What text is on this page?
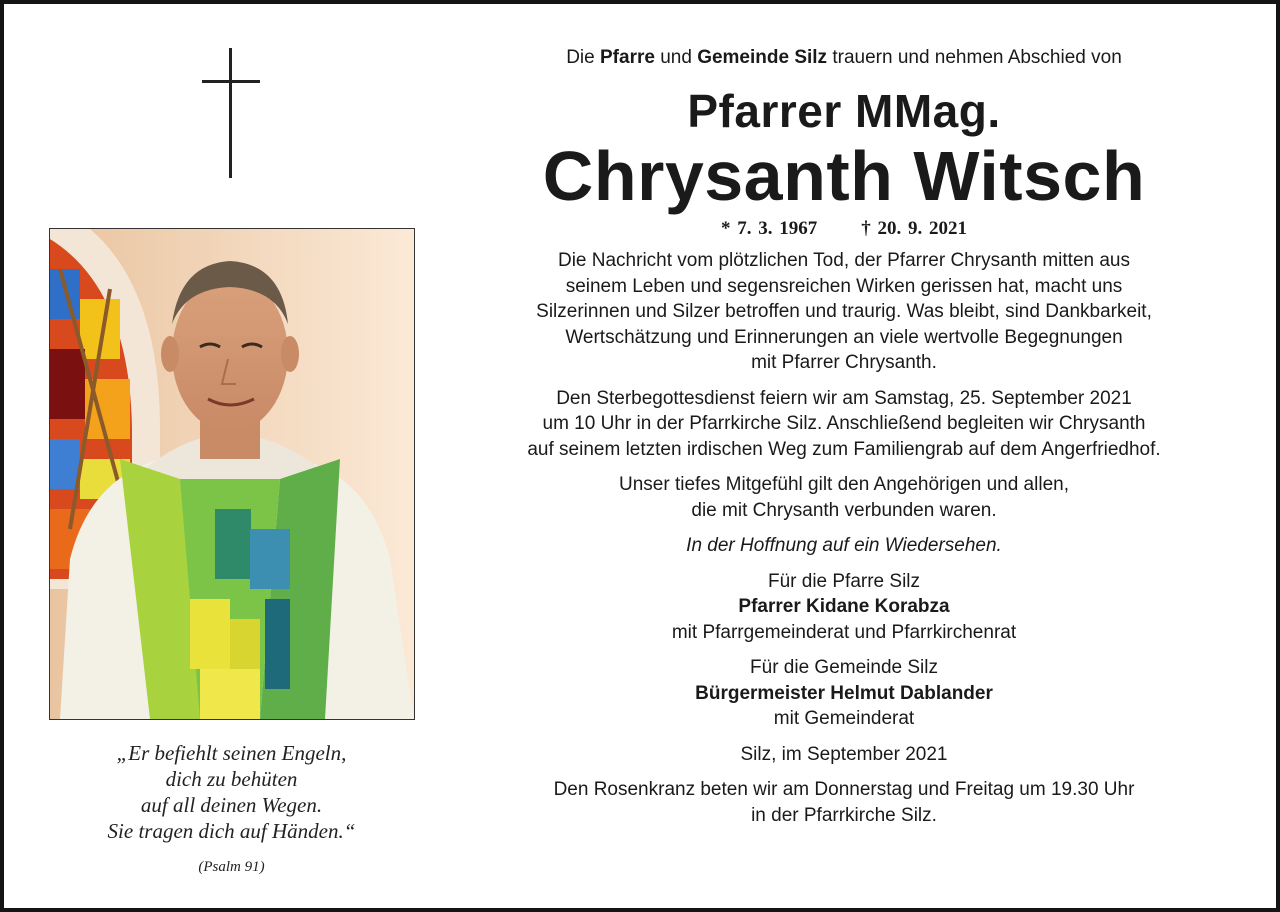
„Er befiehlt seinen Engeln,
dich zu behüten
auf all deinen Wegen.
Sie tragen dich auf Händen.“
(Psalm 91)

Die Pfarre und Gemeinde Silz trauern und nehmen Abschied von

Pfarrer MMag.

Chrysanth Witsch

* 7. 3. 1967 † 20. 9. 2021

Die Nachricht vom plötzlichen Tod, der Pfarrer Chrysanth mitten aus
seinem Leben und segensreichen Wirken gerissen hat, macht uns
Silzerinnen und Silzer betroffen und traurig. Was bleibt, sind Dankbarkeit,
Wertschätzung und Erinnerungen an viele wertvolle Begegnungen
mit Pfarrer Chrysanth.

Den Sterbegottesdienst feiern wir am Samstag, 25. September 2021
um 10 Uhr in der Pfarrkirche Silz. Anschließend begleiten wir Chrysanth
auf seinem letzten irdischen Weg zum Familiengrab auf dem Angerfriedhof.

Unser tiefes Mitgefühl gilt den Angehörigen und allen,
die mit Chrysanth verbunden waren.

In der Hoffnung auf ein Wiedersehen.

Für die Pfarre Silz
Pfarrer Kidane Korabza
mit Pfarrgemeinderat und Pfarrkirchenrat
Für die Gemeinde Silz
Bürgermeister Helmut Dablander
mit Gemeinderat

Silz, im September 2021

Den Rosenkranz beten wir am Donnerstag und Freitag um 19.30 Uhr
in der Pfarrkirche Silz.
